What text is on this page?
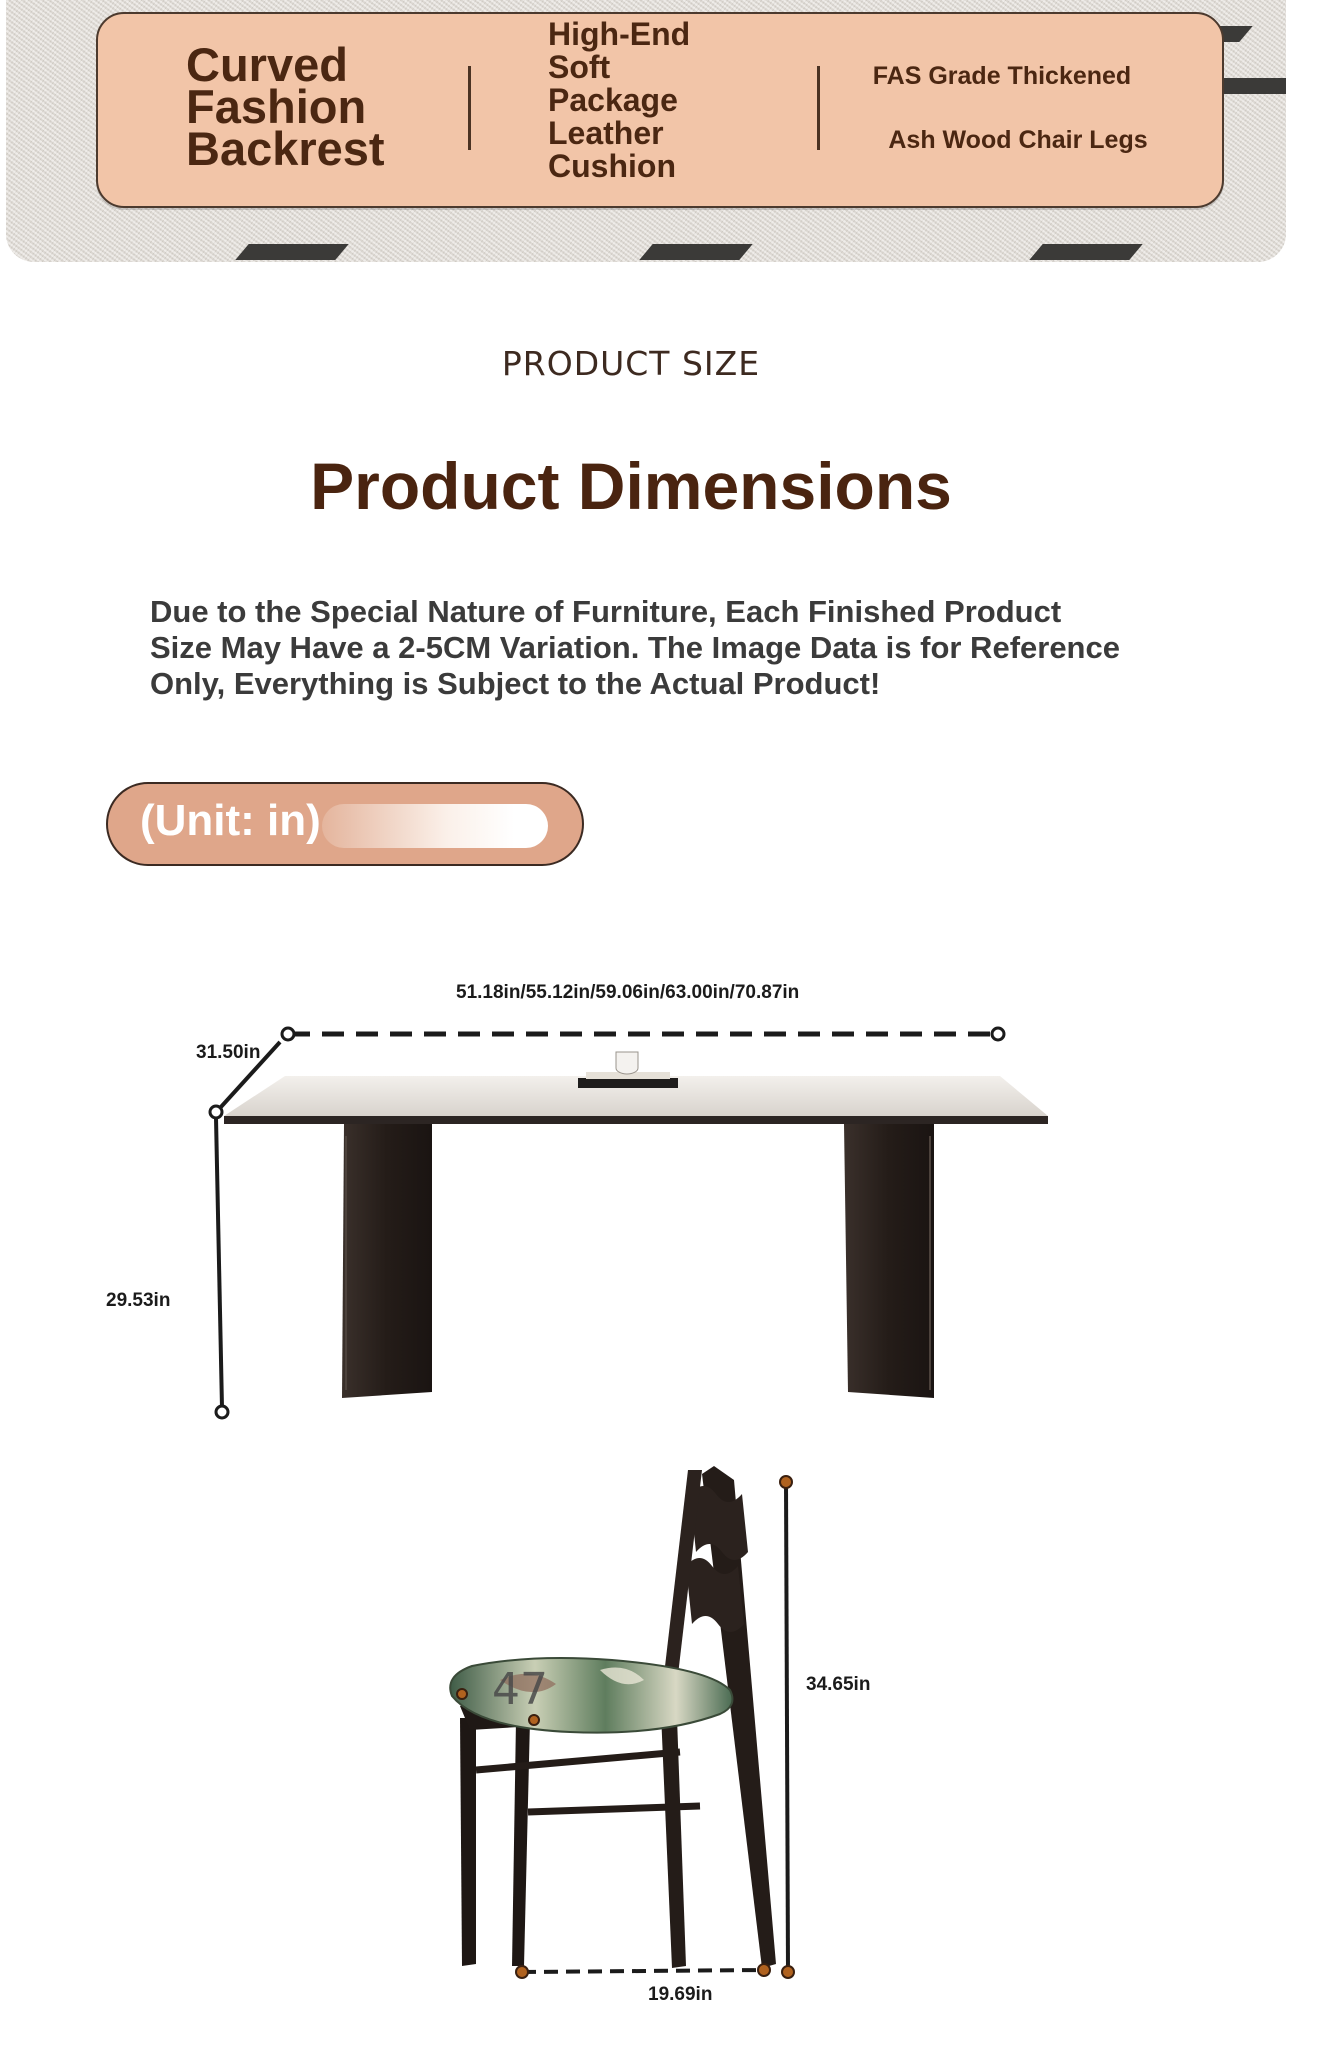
Curved
Fashion
Backrest
High-End
Soft
Package
Leather
Cushion
FAS Grade Thickened
Ash Wood Chair Legs
PRODUCT SIZE
Product Dimensions
Due to the Special Nature of Furniture, Each Finished Product Size May Have a 2-5CM Variation. The Image Data is for Reference Only, Everything is Subject to the Actual Product!
(Unit: in)
47
51.18in/55.12in/59.06in/63.00in/70.87in
31.50in
29.53in
34.65in
19.69in
